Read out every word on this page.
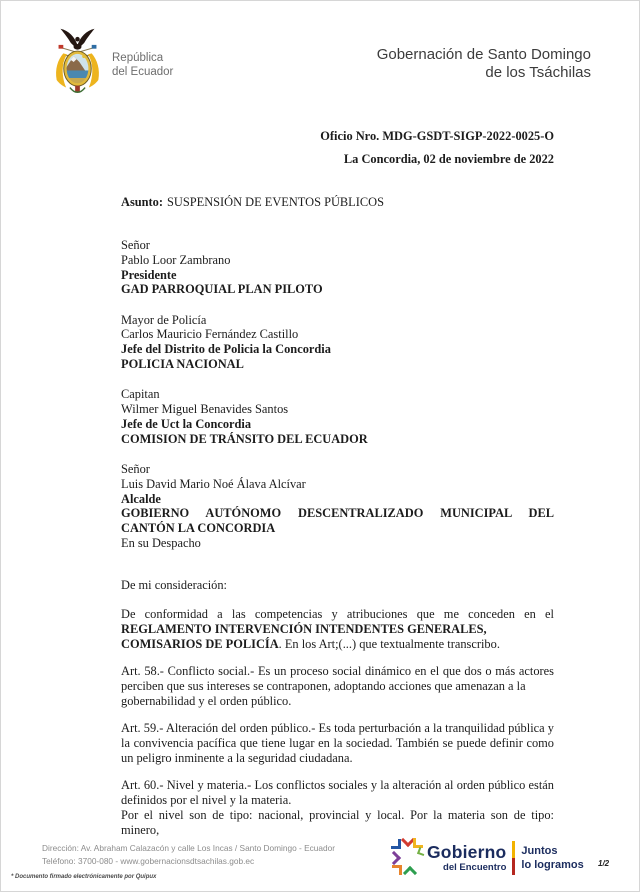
República
del Ecuador
Gobernación de Santo Domingo
de los Tsáchilas
Oficio Nro. MDG-GSDT-SIGP-2022-0025-O
La Concordia, 02 de noviembre de 2022
Asunto: SUSPENSIÓN DE EVENTOS PÚBLICOS
Señor
Pablo Loor Zambrano
Presidente
GAD PARROQUIAL PLAN PILOTO
Mayor de Policía
Carlos Mauricio Fernández Castillo
Jefe del Distrito de Policia la Concordia
POLICIA NACIONAL
Capitan
Wilmer Miguel Benavides Santos
Jefe de Uct la Concordia
COMISION DE TRÁNSITO DEL ECUADOR
Señor
Luis David Mario Noé Álava Alcívar
Alcalde
GOBIERNO AUTÓNOMO DESCENTRALIZADO MUNICIPAL DEL CANTÓN LA CONCORDIA
En su Despacho
De mi consideración:

De conformidad a las competencias y atribuciones que me conceden en el REGLAMENTO INTERVENCIÓN INTENDENTES GENERALES,
COMISARIOS DE POLICÍA. En los Art;(...) que textualmente transcribo.

Art. 58.- Conflicto social.- Es un proceso social dinámico en el que dos o más actores perciben que sus intereses se contraponen, adoptando acciones que amenazan a la
gobernabilidad y el orden público.

Art. 59.- Alteración del orden público.- Es toda perturbación a la tranquilidad pública y la convivencia pacífica que tiene lugar en la sociedad. También se puede definir como un peligro inminente a la seguridad ciudadana.

Art. 60.- Nivel y materia.- Los conflictos sociales y la alteración al orden público están definidos por el nivel y la materia.

Por el nivel son de tipo: nacional, provincial y local. Por la materia son de tipo: minero,

Dirección: Av. Abraham Calazacón y calle Los Incas / Santo Domingo - Ecuador
Teléfono: 3700-080 - www.gobernacionsdtsachilas.gob.ec
* Documento firmado electrónicamente por Quipux
Gobierno
del Encuentro
Juntos
lo logramos 1/2
